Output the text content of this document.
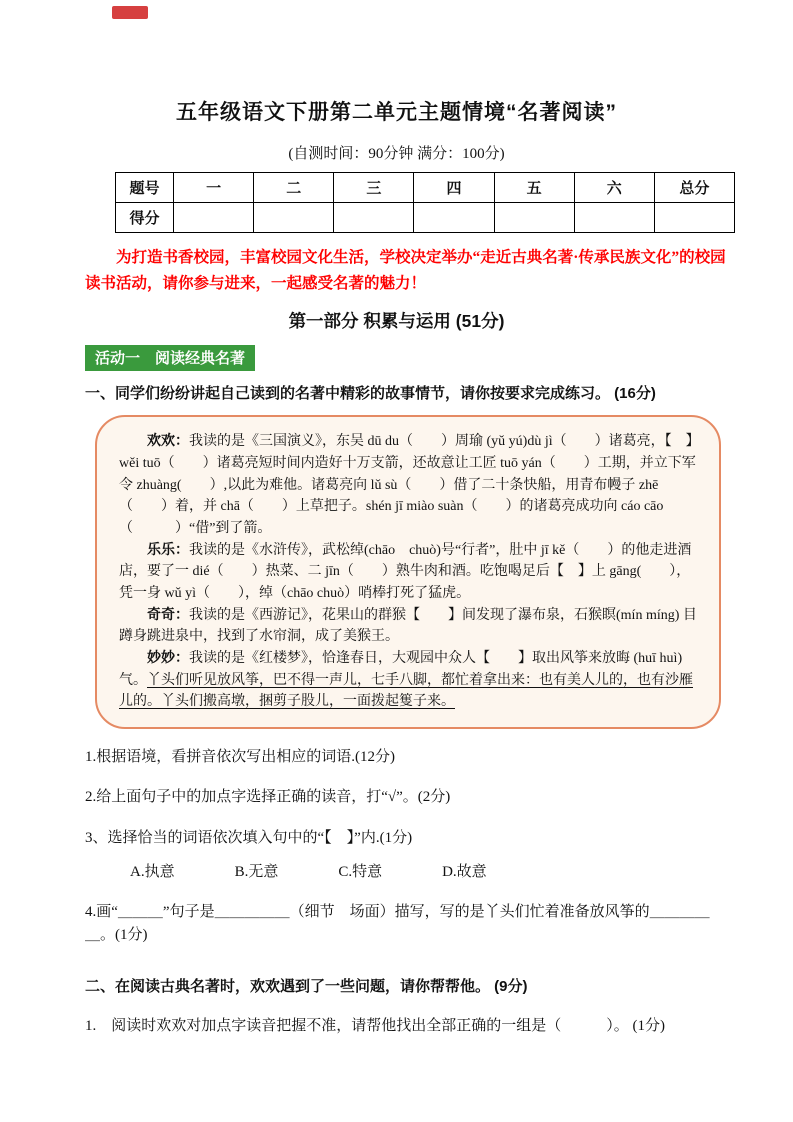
五年级语文下册第二单元主题情境“名著阅读”
(自测时间：90分钟 满分：100分)
题号	一	二	三	四	五	六	总分
得分							

为打造书香校园，丰富校园文化生活，学校决定举办“走近古典名著·传承民族文化”的校园读书活动，请你参与进来，一起感受名著的魅力！

第一部分 积累与运用 (51分)
活动一　阅读经典名著

一、同学们纷纷讲起自己读到的名著中精彩的故事情节，请你按要求完成练习。 (16分)

欢欢：我读的是《三国演义》，东吴 dū du（　　）周瑜 (yǔ yú)dù jì（　　）诸葛亮，【　】wěi tuō（　　）诸葛亮短时间内造好十万支箭，还故意让工匠 tuō yán（　　）工期，并立下军令 zhuàng(　　）,以此为难他。诸葛亮向 lǔ sù（　　）借了二十条快船，用青布幔子 zhē（　　）着，并 chā（　　）上草把子。shén jī miào suàn（　　）的诸葛亮成功向 cáo cāo（　　　）“借”到了箭。

乐乐：我读的是《水浒传》，武松绰(chāo　chuò)号“行者”，肚中 jī kě（　　）的他走进酒店，要了一 dié（　　）热菜、二 jīn（　　）熟牛肉和酒。吃饱喝足后【　】上 gāng(　　），凭一身 wǔ yì（　　），绰（chāo chuò）哨棒打死了猛虎。

奇奇：我读的是《西游记》，花果山的群猴【　　】间发现了瀑布泉，石猴瞑(mín míng) 目蹲身跳进泉中，找到了水帘洞，成了美猴王。

妙妙：我读的是《红楼梦》，恰逢春日，大观园中众人【　　】取出风筝来放晦 (huī huì) 气。丫头们听见放风筝，巴不得一声儿，七手八脚，都忙着拿出来：也有美人儿的，也有沙雁儿的。丫头们搬高墩，捆剪子股儿，一面拨起篗子来。

1.根据语境，看拼音依次写出相应的词语.(12分)

2.给上面句子中的加点字选择正确的读音，打“√”。(2分)

3、选择恰当的词语依次填入句中的“【　】”内.(1分)

A.执意　　　　B.无意　　　　C.特意　　　　D.故意

4.画“＿＿＿”句子是＿＿＿＿＿（细节　场面）描写，写的是丫头们忙着准备放风筝的＿＿＿＿＿。(1分)

二、在阅读古典名著时，欢欢遇到了一些问题，请你帮帮他。 (9分)

1.　阅读时欢欢对加点字读音把握不准，请帮他找出全部正确的一组是（　　　）。 (1分)
